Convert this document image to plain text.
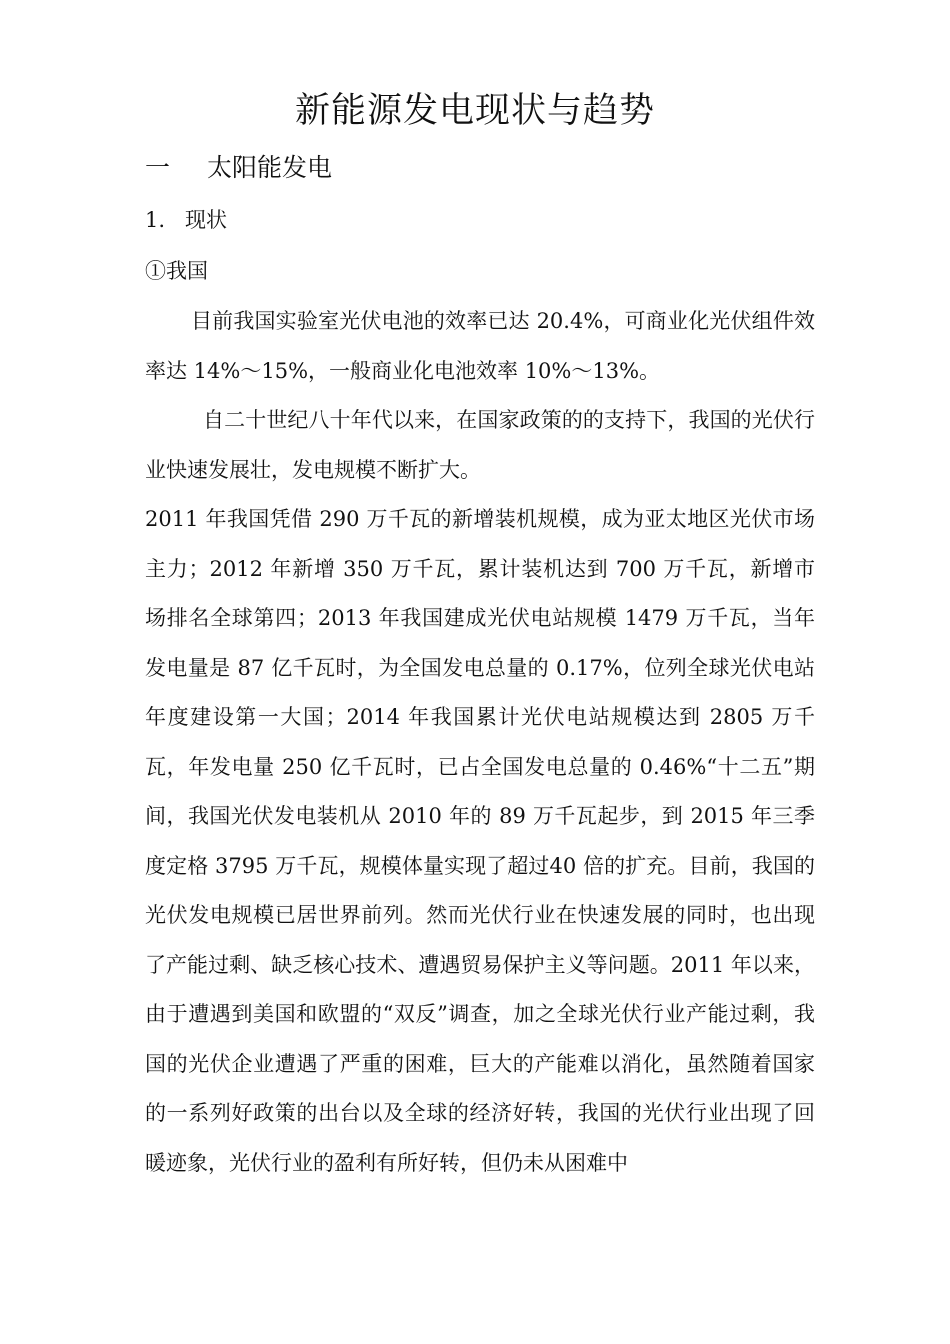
新能源发电现状与趋势
一 太阳能发电
1. 现状
①我国

目前我国实验室光伏电池的效率已达 20.4%，可商业化光伏组件效率达 14%～15%，一般商业化电池效率 10%～13%。

自二十世纪八十年代以来，在国家政策的的支持下，我国的光伏行业快速发展壮，发电规模不断扩大。

2011 年我国凭借 290 万千瓦的新增装机规模，成为亚太地区光伏市场主力；2012 年新增 350 万千瓦，累计装机达到 700 万千瓦，新增市场排名全球第四；2013 年我国建成光伏电站规模 1479 万千瓦，当年发电量是 87 亿千瓦时，为全国发电总量的 0.17%，位列全球光伏电站年度建设第一大国；2014 年我国累计光伏电站规模达到 2805 万千瓦，年发电量 250 亿千瓦时，已占全国发电总量的 0.46%“十二五”期间，我国光伏发电装机从 2010 年的 89 万千瓦起步，到 2015 年三季度定格 3795 万千瓦，规模体量实现了超过40 倍的扩充。目前，我国的光伏发电规模已居世界前列。然而光伏行业在快速发展的同时，也出现了产能过剩、缺乏核心技术、遭遇贸易保护主义等问题。2011 年以来，由于遭遇到美国和欧盟的“双反”调查，加之全球光伏行业产能过剩，我国的光伏企业遭遇了严重的困难，巨大的产能难以消化，虽然随着国家的一系列好政策的出台以及全球的经济好转，我国的光伏行业出现了回暖迹象，光伏行业的盈利有所好转，但仍未从困难中
